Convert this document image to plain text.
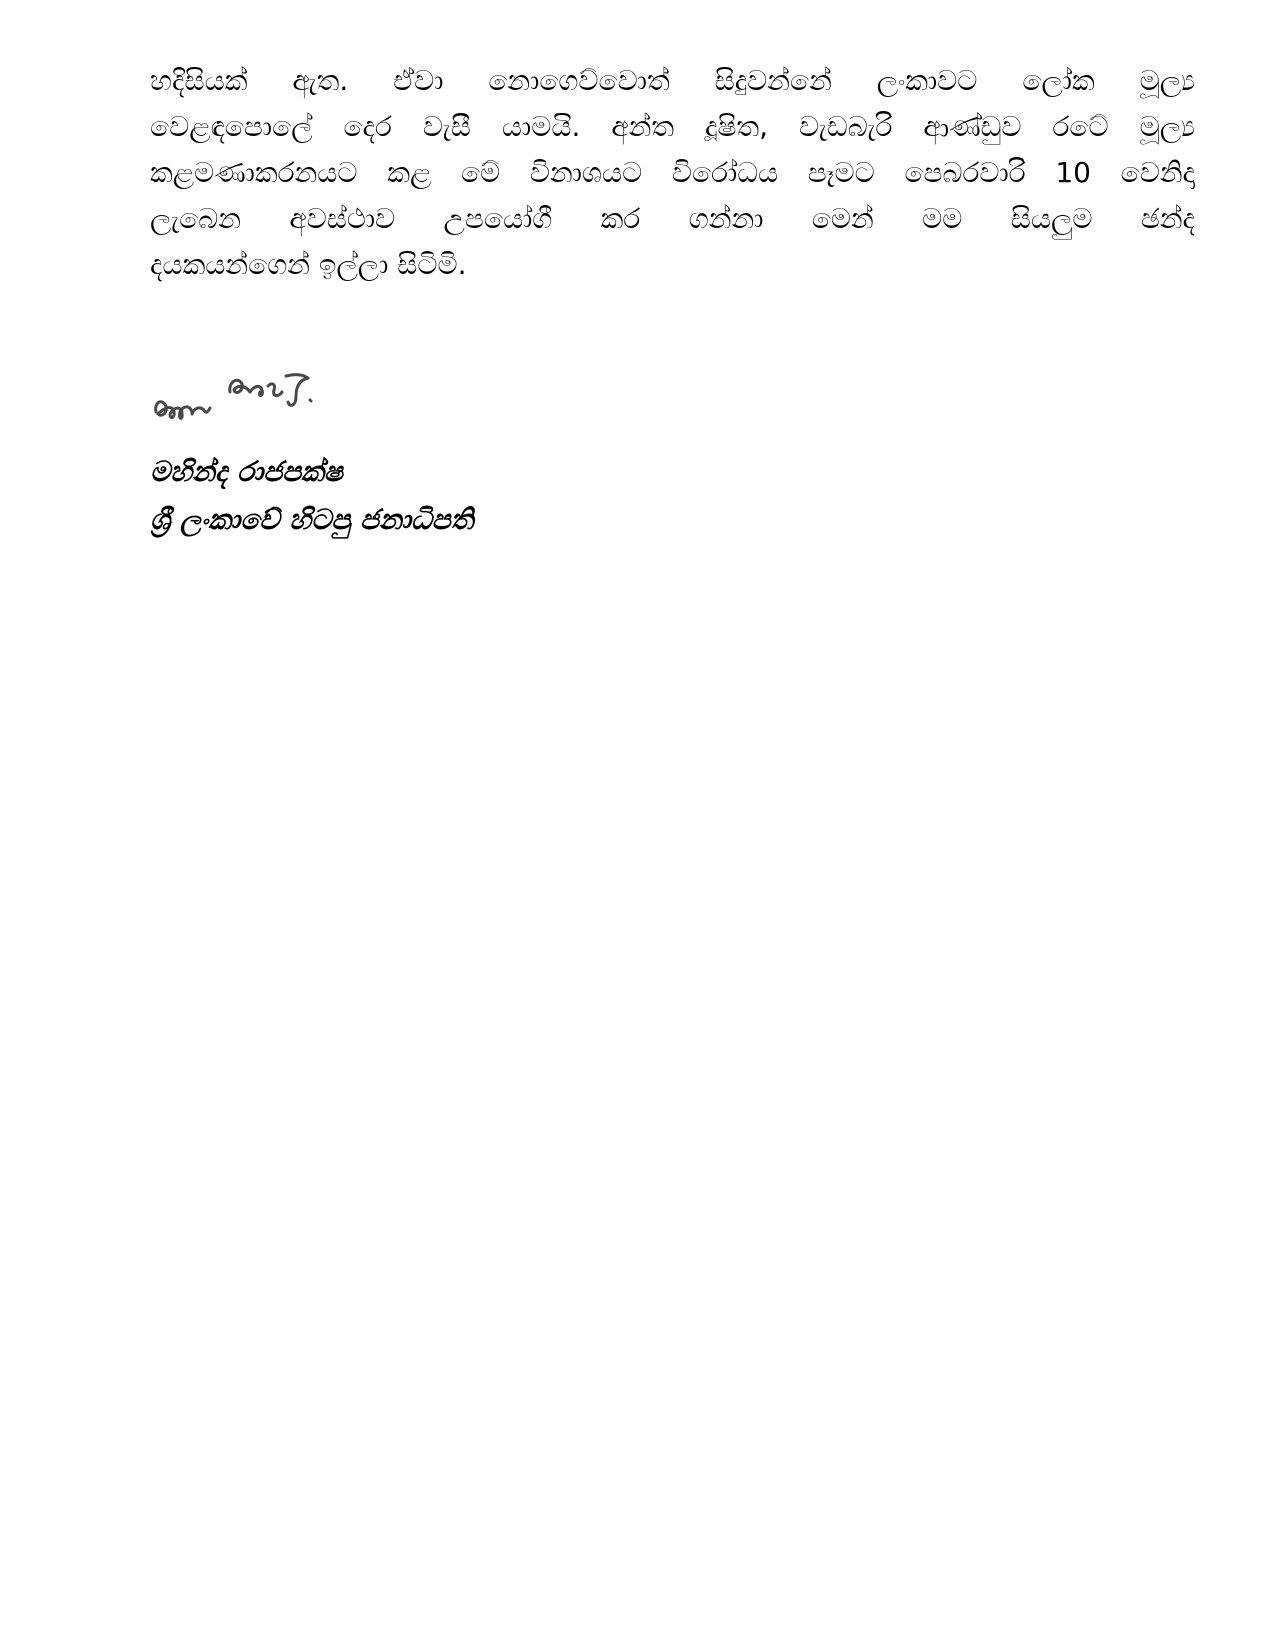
හදිසියක් ඇත. ඒවා නොගෙව්වොත් සිදුවන්නේ ලංකාවට ලෝක මූල්‍ය
වෙළඳපොලේ දෙර වැසී යාමයි. අන්ත දූෂිත, වැඩබැරි ආණ්ඩුව රටේ මූල්‍ය
කළමණාකරනයට කළ මේ විනාශයට විරෝධය පෑමට පෙබරවාරි 10 වෙනිදා
ලැබෙන අවස්ථාව උපයෝගී කර ගන්නා මෙන් මම සියලුම ඡන්ද
දයකයන්ගෙන් ඉල්ලා සිටිමි.
මහින්ද රාජපක්ෂ
ශ්‍රී ලංකාවේ හිටපු ජනාධිපති
